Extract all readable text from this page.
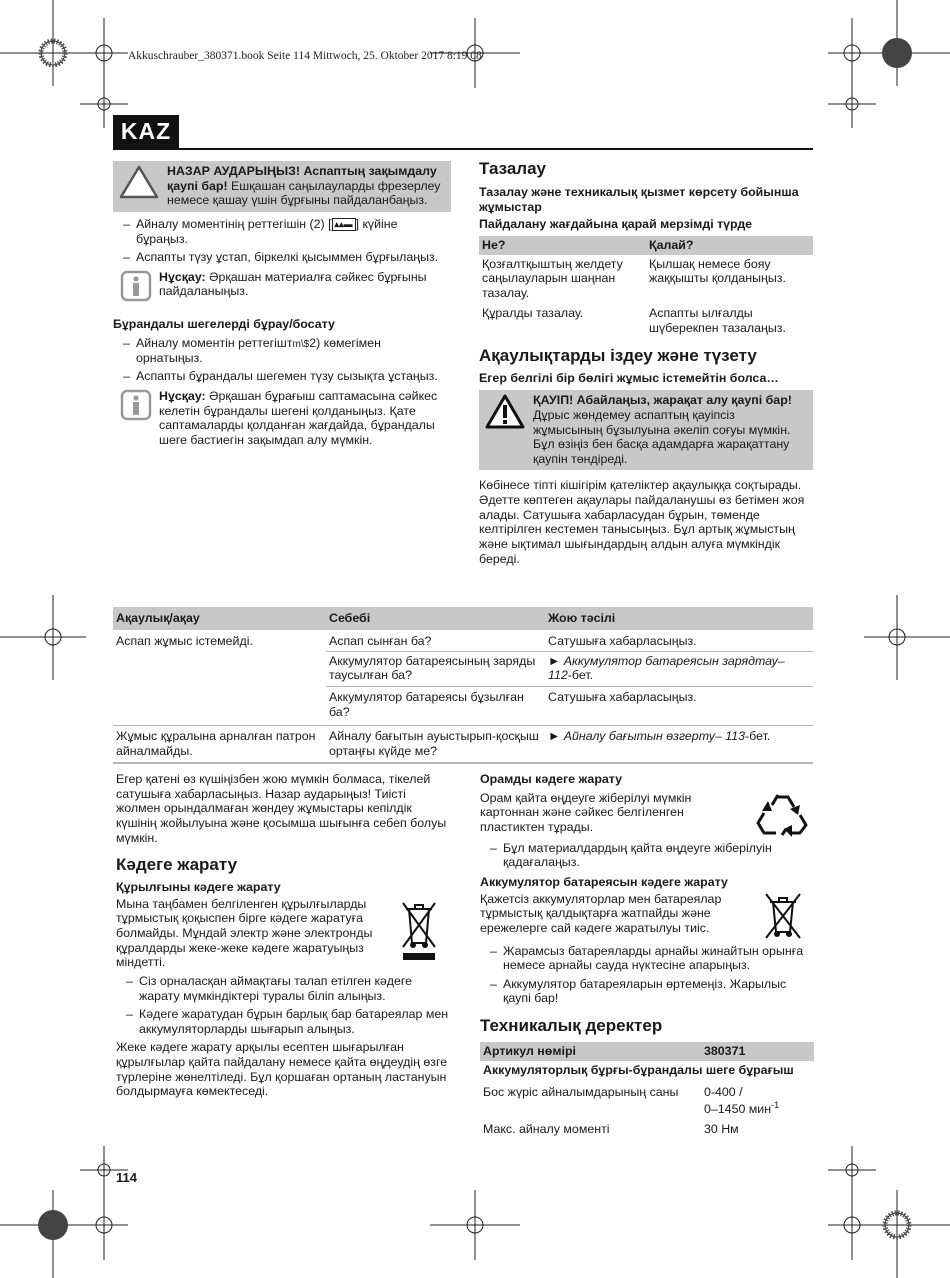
Akkuschrauber_380371.book Seite 114 Mittwoch, 25. Oktober 2017 8:19 08
KAZ
НАЗАР АУДАРЫҢЫЗ! Аспаптың зақымдалу қаупі бар! Ешқашан саңылауларды фрезерлеу немесе қашау үшін бұрғыны пайдаланбаңыз.
– Айналу моментінің реттегішін (2) [ ▴▴▬ ] күйіне бұраңыз.
– Аспапты түзу ұстап, біркелкі қысыммен бұрғылаңыз.
Нұсқау: Әрқашан материалға сәйкес бұрғыны пайдаланыңыз.
Бұрандалы шегелерді бұрау/босату
– Айналу моментін реттегіштm\$2) көмегімен орнатыңыз.
– Аспапты бұрандалы шегемен түзу сызықта ұстаңыз.
Нұсқау: Әрқашан бұрағыш саптамасына сәйкес келетін бұрандалы шегені қолданыңыз. Қате саптамаларды қолданған жағдайда, бұрандалы шеге бастиегін зақымдап алу мүмкін.
Тазалау
Тазалау және техникалық қызмет көрсету бойынша жұмыстар
Пайдалану жағдайына қарай мерзімді түрде
Не?	Қалай?
Қозғалтқыштың желдету саңылауларын шаңнан тазалау.	Қылшақ немесе бояу жаққышты қолданыңыз.
Құралды тазалау.	Аспапты ылғалды шүберекпен тазалаңыз.
Ақаулықтарды іздеу және түзету
Егер белгілі бір бөлігі жұмыс істемейтін болса…
ҚАУІП! Абайлаңыз, жарақат алу қаупі бар! Дұрыс жөндемеу аспаптың қауіпсіз жұмысының бұзылуына әкеліп соғуы мүмкін. Бұл өзіңіз бен басқа адамдарға жарақаттану қаупін төндіреді.
Көбінесе тіпті кішігірім қателіктер ақаулыққа соқтырады. Әдетте көптеген ақаулары пайдаланушы өз бетімен жоя алады. Сатушыға хабарласудан бұрын, төменде келтірілген кестемен танысыңыз. Бұл артық жұмыстың және ықтимал шығындардың алдын алуға мүмкіндік береді.
Ақаулық/ақау	Себебі	Жою тәсілі
Аспап жұмыс істемейді.	Аспап сынған ба?	Сатушыға хабарласыңыз.
	Аккумулятор батареясының заряды таусылған ба?	► Аккумулятор батареясын зарядтау– 112-бет.
	Аккумулятор батареясы бұзылған ба?	Сатушыға хабарласыңыз.
Жұмыс құралына арналған патрон айналмайды.	Айналу бағытын ауыстырып-қосқыш ортаңғы күйде ме?	► Айналу бағытын өзгерту– 113-бет.
Егер қатені өз күшіңізбен жою мүмкін болмаса, тікелей сатушыға хабарласыңыз. Назар аударыңыз! Тиісті жолмен орындалмаған жөндеу жұмыстары кепілдік күшінің жойылуына және қосымша шығынға себеп болуы мүмкін.
Кәдеге жарату
Құрылғыны кәдеге жарату
Мына таңбамен белгіленген құрылғыларды тұрмыстық қоқыспен бірге кәдеге жаратуға болмайды. Мұндай электр және электронды құралдарды жеке-жеке кәдеге жаратуыңыз міндетті.
– Сіз орналасқан аймақтағы талап етілген кәдеге жарату мүмкіндіктері туралы біліп алыңыз.
– Кәдеге жаратудан бұрын барлық бар батареялар мен аккумуляторларды шығарып алыңыз.
Жеке кәдеге жарату арқылы есептен шығарылған құрылғылар қайта пайдалану немесе қайта өңдеудің өзге түрлеріне жөнелтіледі. Бұл қоршаған ортаның ластануын болдырмауға көмектеседі.
Орамды кәдеге жарату
Орам қайта өңдеуге жіберілуі мүмкін картоннан және сәйкес белгіленген пластиктен тұрады.
– Бұл материалдардың қайта өңдеуге жіберілуін қадағалаңыз.
Аккумулятор батареясын кәдеге жарату
Қажетсіз аккумуляторлар мен батареялар тұрмыстық қалдықтарға жатпайды және ережелерге сай кәдеге жаратылуы тиіс.
– Жарамсыз батареяларды арнайы жинайтын орынға немесе арнайы саудa нүктесіне апарыңыз.
– Аккумулятор батареяларын өртемеңіз. Жарылыс қаупі бар!
Техникалық деректер
Артикул нөмірі	380371
Аккумуляторлық бұрғы-бұрандалы шеге бұрағыш	
Бос жүріс айналымдарының саны	0-400 /
0–1450 мин$^{-1}$
Макс. айналу моменті	30 Нм
114
